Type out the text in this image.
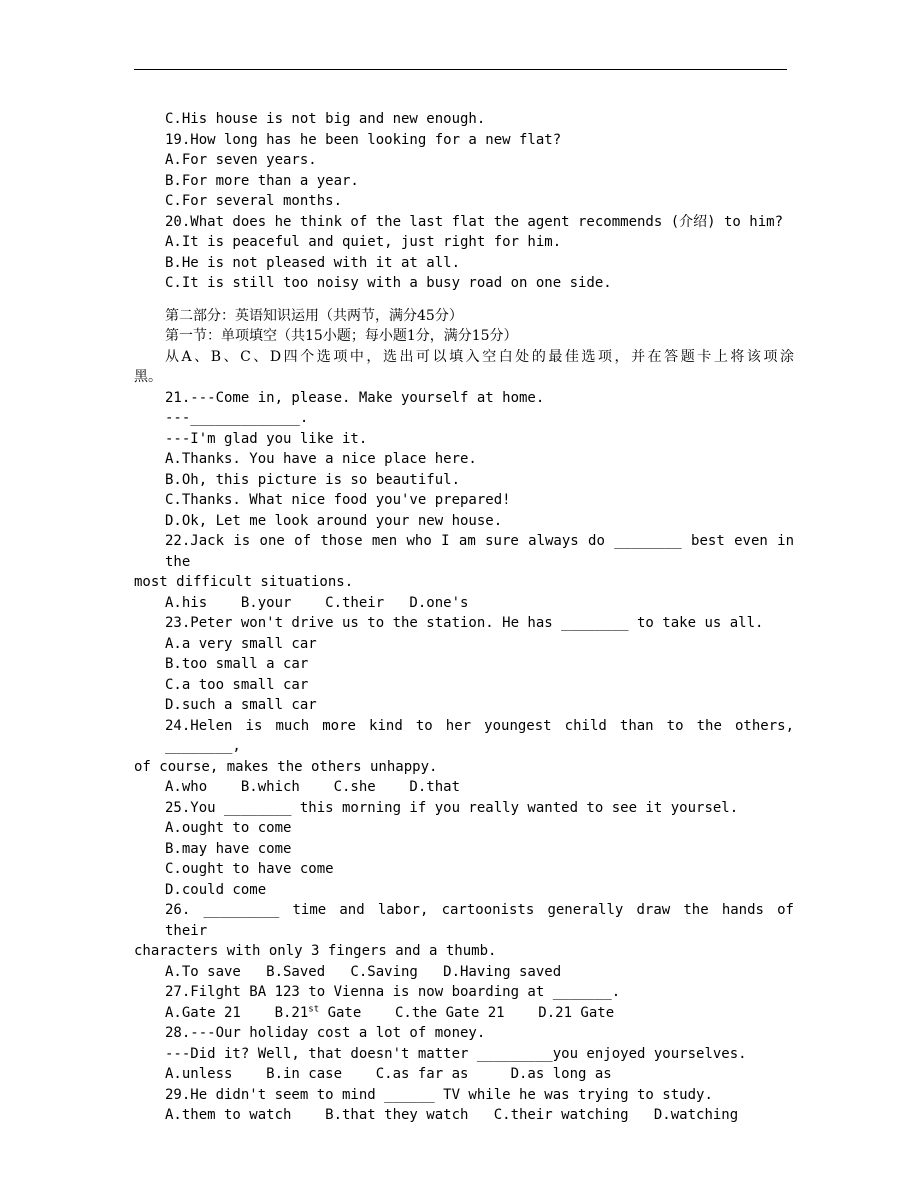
C.His house is not big and new enough.
19.How long has he been looking for a new flat?
A.For seven years.
B.For more than a year.
C.For several months.
20.What does he think of the last flat the agent recommends (介绍) to him?
A.It is peaceful and quiet, just right for him.
B.He is not pleased with it at all.
C.It is still too noisy with a busy road on one side.
第二部分：英语知识运用（共两节，满分45分）
第一节：单项填空（共15小题；每小题1分，满分15分）
从A、B、C、D四个选项中，选出可以填入空白处的最佳选项，并在答题卡上将该项涂
黑。
21.---Come in, please. Make yourself at home.
---_____________.
---I'm glad you like it.
A.Thanks. You have a nice place here.
B.Oh, this picture is so beautiful.
C.Thanks. What nice food you've prepared!
D.Ok, Let me look around your new house.
22.Jack is one of those men who I am sure always do ________ best even in the
most difficult situations.
A.his    B.your    C.their   D.one's
23.Peter won't drive us to the station. He has ________ to take us all.
A.a very small car
B.too small a car
C.a too small car
D.such a small car
24.Helen is much more kind to her youngest child than to the others, ________,
of course, makes the others unhappy.
A.who    B.which    C.she    D.that
25.You ________ this morning if you really wanted to see it yoursel.
A.ought to come
B.may have come
C.ought to have come
D.could come
26. _________ time and labor, cartoonists generally draw the hands of their
characters with only 3 fingers and a thumb.
A.To save   B.Saved   C.Saving   D.Having saved
27.Filght BA 123 to Vienna is now boarding at _______.
A.Gate 21    B.21st Gate    C.the Gate 21    D.21 Gate
28.---Our holiday cost a lot of money.
---Did it? Well, that doesn't matter _________you enjoyed yourselves.
A.unless    B.in case    C.as far as     D.as long as
29.He didn't seem to mind ______ TV while he was trying to study.
A.them to watch    B.that they watch   C.their watching   D.watching
